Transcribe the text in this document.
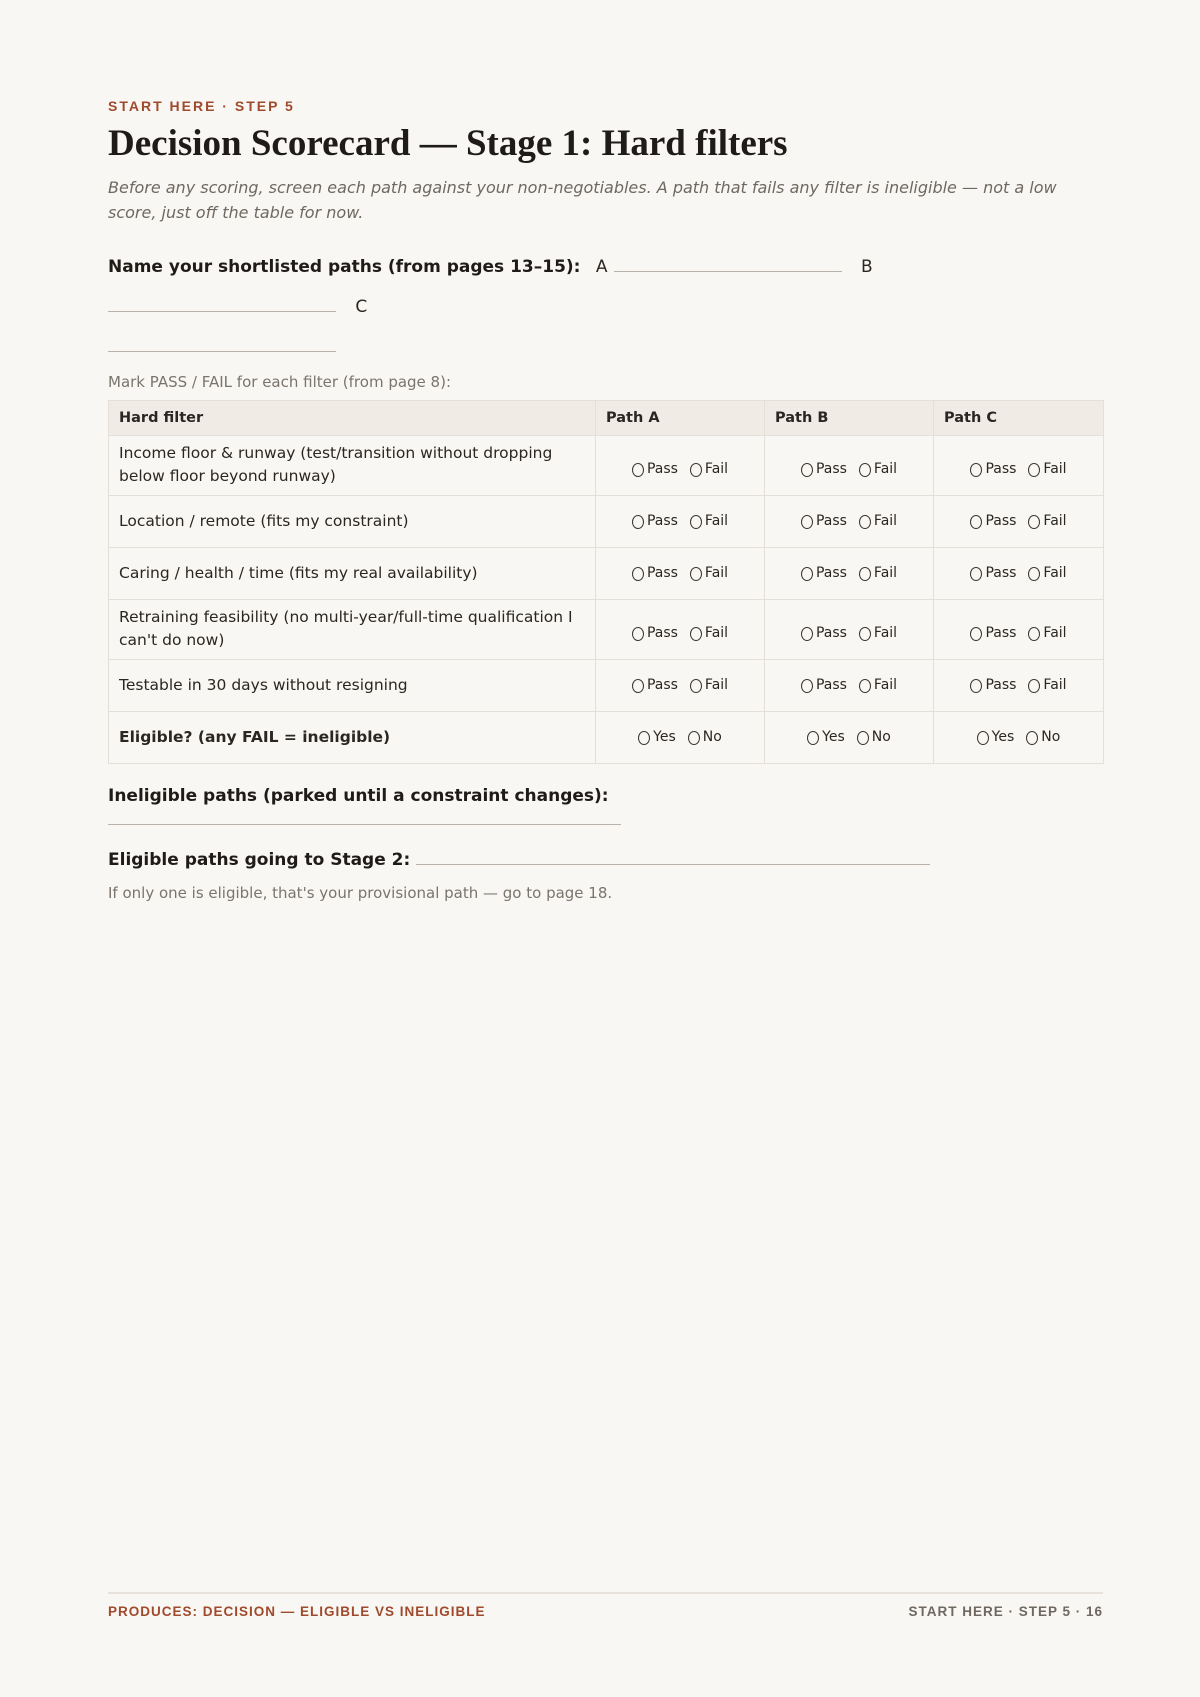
START HERE · STEP 5
Decision Scorecard — Stage 1: Hard filters

Before any scoring, screen each path against your non-negotiables. A path that fails any filter is ineligible — not a low score, just off the table for now.

Name your shortlisted paths (from pages 13–15): A	B C

Mark PASS / FAIL for each filter (from page 8):
Hard filter	Path A	Path B	Path C
Income floor & runway (test/transition without dropping below floor beyond runway)	Pass Fail	Pass Fail	Pass Fail

Location / remote (fits my constraint)	Pass Fail	Pass Fail	Pass Fail

Caring / health / time (fits my real availability)	Pass Fail	Pass Fail	Pass Fail

Retraining feasibility (no multi-year/full-time qualification I can't do now)	Pass Fail	Pass Fail	Pass Fail

Testable in 30 days without resigning	Pass Fail	Pass Fail	Pass Fail

Eligible? (any FAIL = ineligible)	Yes No	Yes No	Yes No
Ineligible paths (parked until a constraint changes):
Eligible paths going to Stage 2:
If only one is eligible, that's your provisional path — go to page 18.
PRODUCES: DECISION — ELIGIBLE VS INELIGIBLE	START HERE · STEP 5 · 16
